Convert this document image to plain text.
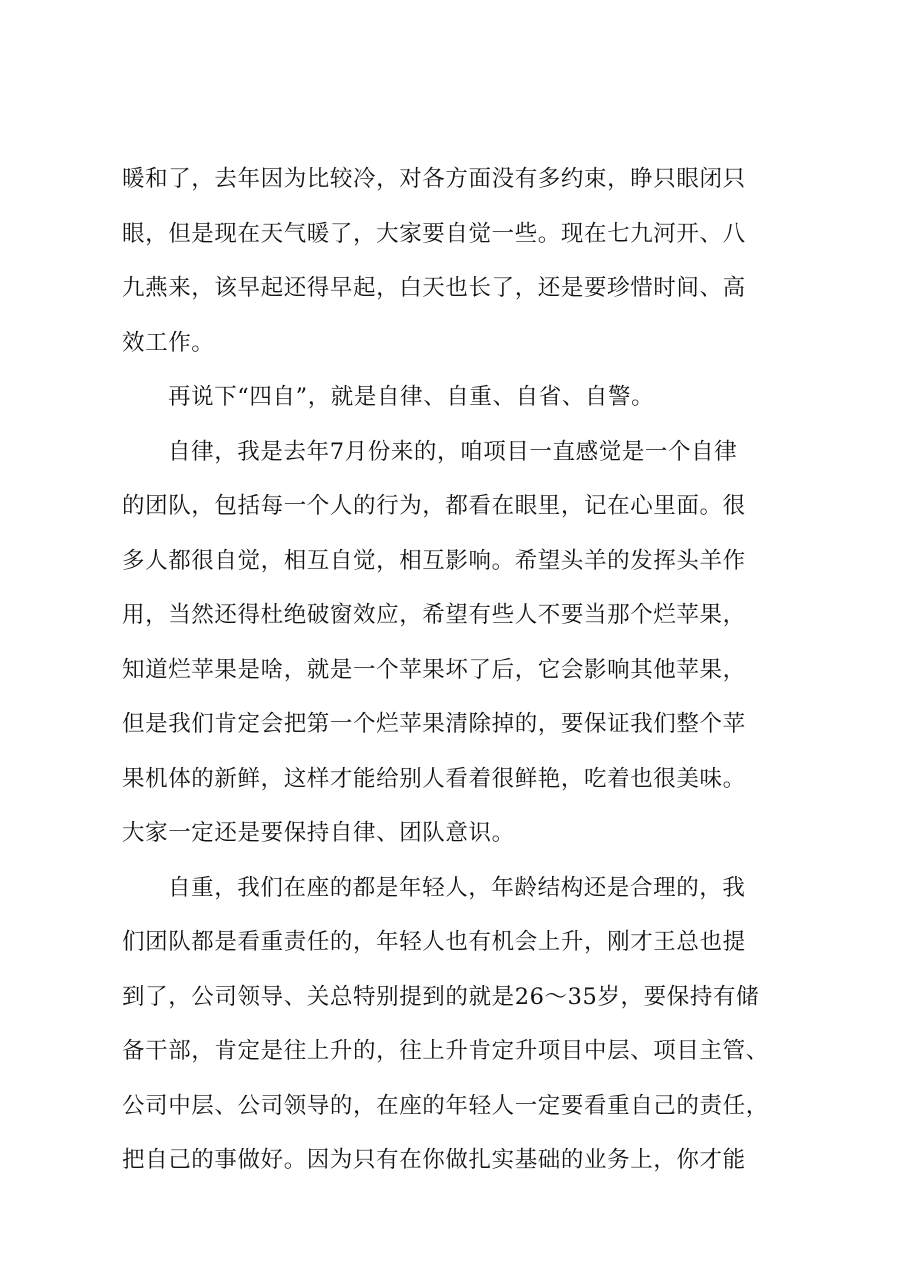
暖和了，去年因为比较冷，对各方面没有多约束，睁只眼闭只
眼，但是现在天气暖了，大家要自觉一些。现在七九河开、八
九燕来，该早起还得早起，白天也长了，还是要珍惜时间、高
效工作。
再说下“四自”，就是自律、自重、自省、自警。
自律，我是去年7月份来的，咱项目一直感觉是一个自律
的团队，包括每一个人的行为，都看在眼里，记在心里面。很
多人都很自觉，相互自觉，相互影响。希望头羊的发挥头羊作
用，当然还得杜绝破窗效应，希望有些人不要当那个烂苹果，
知道烂苹果是啥，就是一个苹果坏了后，它会影响其他苹果，
但是我们肯定会把第一个烂苹果清除掉的，要保证我们整个苹
果机体的新鲜，这样才能给别人看着很鲜艳，吃着也很美味。
大家一定还是要保持自律、团队意识。
自重，我们在座的都是年轻人，年龄结构还是合理的，我
们团队都是看重责任的，年轻人也有机会上升，刚才王总也提
到了，公司领导、关总特别提到的就是26～35岁，要保持有储
备干部，肯定是往上升的，往上升肯定升项目中层、项目主管、
公司中层、公司领导的，在座的年轻人一定要看重自己的责任，
把自己的事做好。因为只有在你做扎实基础的业务上，你才能
